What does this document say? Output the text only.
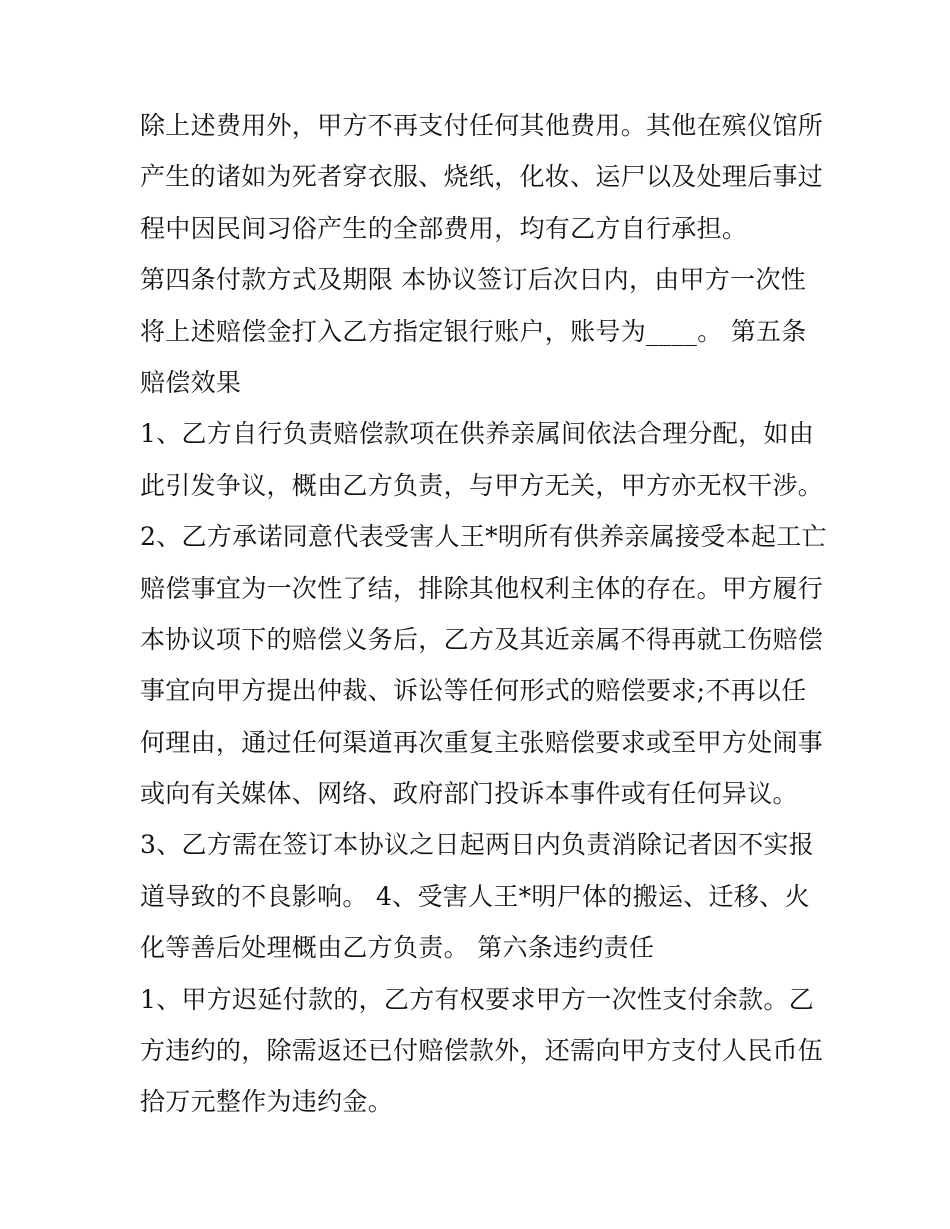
除上述费用外，甲方不再支付任何其他费用。其他在殡仪馆所
产生的诸如为死者穿衣服、烧纸，化妆、运尸以及处理后事过
程中因民间习俗产生的全部费用，均有乙方自行承担。
第四条付款方式及期限 本协议签订后次日内，由甲方一次性
将上述赔偿金打入乙方指定银行账户，账号为____。 第五条
赔偿效果
1、乙方自行负责赔偿款项在供养亲属间依法合理分配，如由
此引发争议，概由乙方负责，与甲方无关，甲方亦无权干涉。
2、乙方承诺同意代表受害人王*明所有供养亲属接受本起工亡
赔偿事宜为一次性了结，排除其他权利主体的存在。甲方履行
本协议项下的赔偿义务后，乙方及其近亲属不得再就工伤赔偿
事宜向甲方提出仲裁、诉讼等任何形式的赔偿要求;不再以任
何理由，通过任何渠道再次重复主张赔偿要求或至甲方处闹事
或向有关媒体、网络、政府部门投诉本事件或有任何异议。
3、乙方需在签订本协议之日起两日内负责消除记者因不实报
道导致的不良影响。 4、受害人王*明尸体的搬运、迁移、火
化等善后处理概由乙方负责。 第六条违约责任
1、甲方迟延付款的，乙方有权要求甲方一次性支付余款。乙
方违约的，除需返还已付赔偿款外，还需向甲方支付人民币伍
拾万元整作为违约金。
